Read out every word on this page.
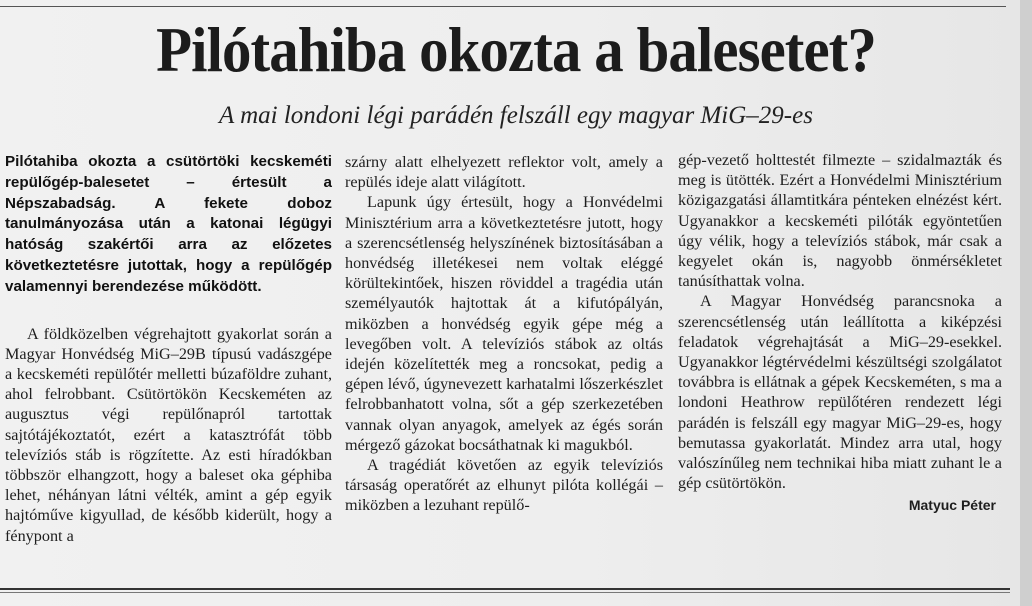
Pilótahiba okozta a balesetet?
A mai londoni légi parádén felszáll egy magyar MiG–29-es

Pilótahiba okozta a csütörtöki kecskeméti repülőgép-balesetet – értesült a Népszabadság. A fekete doboz tanulmányozása után a katonai légügyi hatóság szakértői arra az előzetes következtetésre jutottak, hogy a repülőgép valamennyi berendezése működött.

A földközelben végrehajtott gyakorlat során a Magyar Honvédség MiG–29B típusú vadászgépe a kecskeméti repülőtér melletti búzaföldre zuhant, ahol felrobbant. Csütörtökön Kecskeméten az augusztus végi repülőnapról tartottak sajtótájékoztatót, ezért a katasztrófát több televíziós stáb is rögzítette. Az esti híradókban többször elhangzott, hogy a baleset oka géphiba lehet, néhányan látni vélték, amint a gép egyik hajtóműve kigyullad, de később kiderült, hogy a fénypont a

szárny alatt elhelyezett reflektor volt, amely a repülés ideje alatt világított.

Lapunk úgy értesült, hogy a Honvédelmi Minisztérium arra a következtetésre jutott, hogy a szerencsétlenség helyszínének biztosításában a honvédség illetékesei nem voltak eléggé körültekintőek, hiszen röviddel a tragédia után személyautók hajtottak át a kifutópályán, miközben a honvédség egyik gépe még a levegőben volt. A televíziós stábok az oltás idején közelítették meg a roncsokat, pedig a gépen lévő, úgynevezett karhatalmi lőszerkészlet felrobbanhatott volna, sőt a gép szerkezetében vannak olyan anyagok, amelyek az égés során mérgező gázokat bocsáthatnak ki magukból.

A tragédiát követően az egyik televíziós társaság operatőrét az elhunyt pilóta kollégái – miközben a lezuhant repülő-

gép-vezető holttestét filmezte – szidalmazták és meg is ütötték. Ezért a Honvédelmi Minisztérium közigazgatási államtitkára pénteken elnézést kért. Ugyanakkor a kecskeméti pilóták egyöntetűen úgy vélik, hogy a televíziós stábok, már csak a kegyelet okán is, nagyobb önmérsékletet tanúsíthattak volna.

A Magyar Honvédség parancsnoka a szerencsétlenség után leállította a kiképzési feladatok végrehajtását a MiG–29-esekkel. Ugyanakkor légtérvédelmi készültségi szolgálatot továbbra is ellátnak a gépek Kecskeméten, s ma a londoni Heathrow repülőtéren rendezett légi parádén is felszáll egy magyar MiG–29-es, hogy bemutassa gyakorlatát. Mindez arra utal, hogy valószínűleg nem technikai hiba miatt zuhant le a gép csütörtökön.

Matyuc Péter
